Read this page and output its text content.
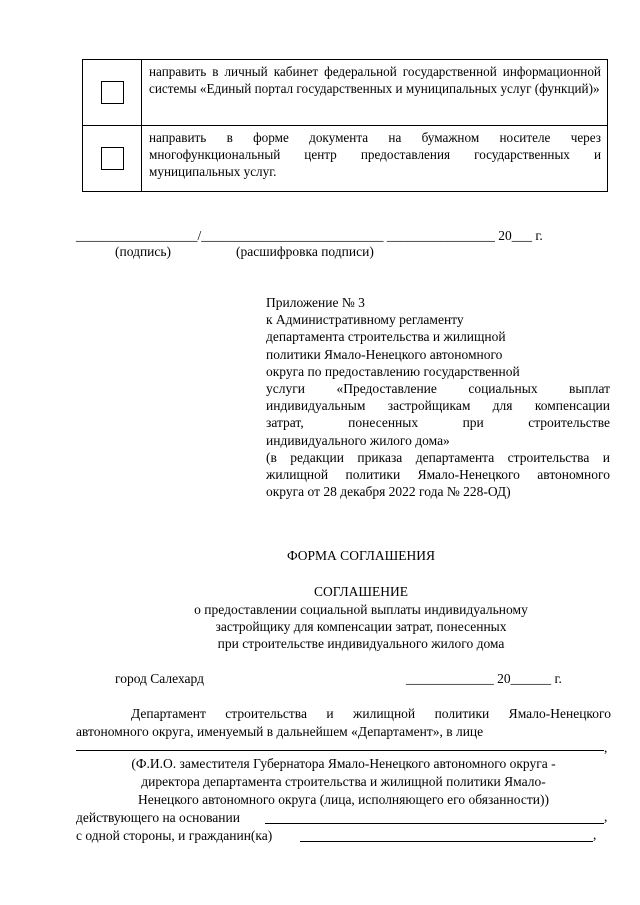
направить в личный кабинет федеральной государственной информационной системы «Единый портал государственных и муниципальных услуг (функций)»
направить в форме документа на бумажном носителе через многофункциональный центр предоставления государственных и муниципальных услуг.
__________________/___________________________ ________________ 20___ г.
(подпись)	(расшифровка подписи)
Приложение № 3
к Административному регламенту
департамента строительства и жилищной
политики Ямало-Ненецкого автономного
округа по предоставлению государственной
услуги «Предоставление социальных выплат
индивидуальным застройщикам для компенсации
затрат, понесенных при строительстве
индивидуального жилого дома»
(в редакции приказа департамента строительства и
жилищной политики Ямало-Ненецкого автономного
округа от 28 декабря 2022 года № 228-ОД)
ФОРМА СОГЛАШЕНИЯ
СОГЛАШЕНИЕ
о предоставлении социальной выплаты индивидуальному
застройщику для компенсации затрат, понесенных
при строительстве индивидуального жилого дома
город Салехард	_____________ 20______ г.
Департамент строительства и жилищной политики Ямало-Ненецкого
автономного округа, именуемый в дальнейшем «Департамент», в лице
,
(Ф.И.О. заместителя Губернатора Ямало-Ненецкого автономного округа -
директора департамента строительства и жилищной политики Ямало-
Ненецкого автономного округа (лица, исполняющего его обязанности))
действующего на основании	,
с одной стороны, и гражданин(ка)	,
